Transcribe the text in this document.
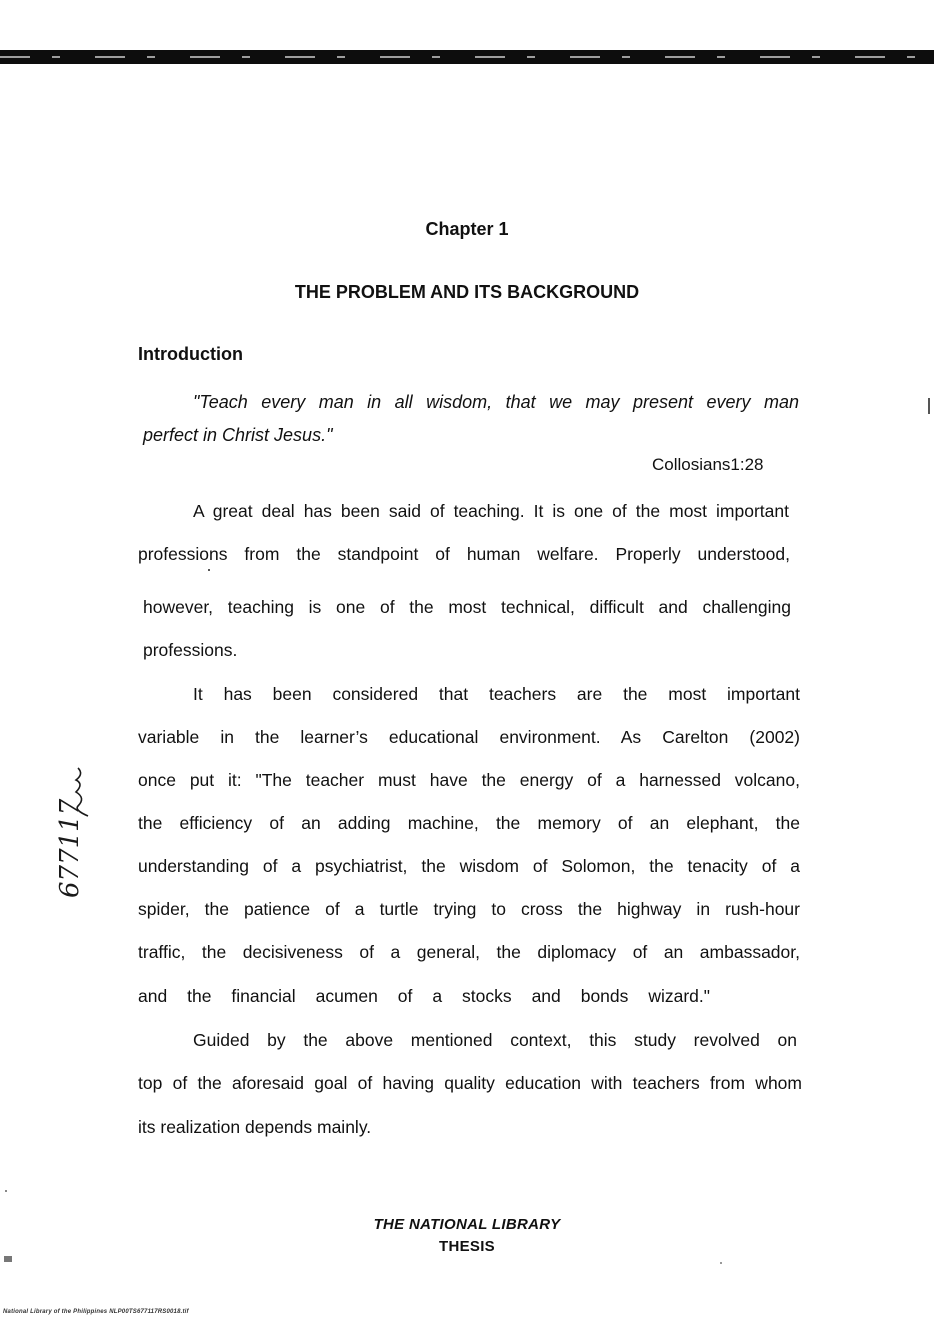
Chapter 1
THE PROBLEM AND ITS BACKGROUND
Introduction
"Teach every man in all wisdom, that we may present every man
perfect in Christ Jesus."
Collosians1:28
A great deal has been said of teaching. It is one of the most important
professions from the standpoint of human welfare. Properly understood,
however, teaching is one of the most technical, difficult and challenging
professions.
It has been considered that teachers are the most important
variable in the learner’s educational environment. As Carelton (2002)
once put it: "The teacher must have the energy of a harnessed volcano,
the efficiency of an adding machine, the memory of an elephant, the
understanding of a psychiatrist, the wisdom of Solomon, the tenacity of a
spider, the patience of a turtle trying to cross the highway in rush-hour
traffic, the decisiveness of a general, the diplomacy of an ambassador,
and the financial acumen of a stocks and bonds wizard."
Guided by the above mentioned context, this study revolved on
top of the aforesaid goal of having quality education with teachers from whom
its realization depends mainly.
677117
THE NATIONAL LIBRARY
THESIS
National Library of the Philippines NLP00TS677117RS0018.tif
